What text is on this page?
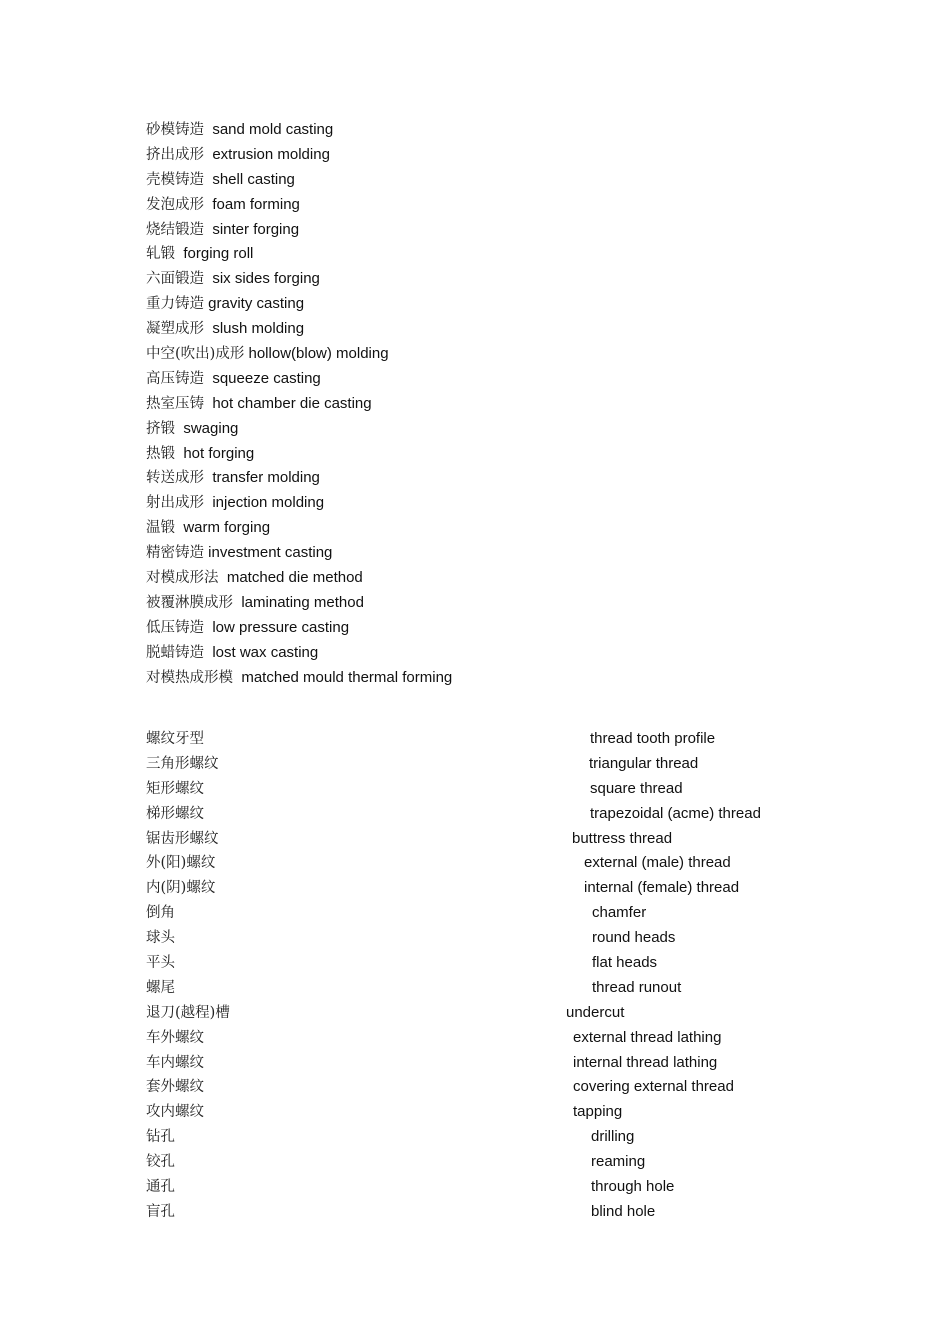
砂模铸造 sand mold casting
挤出成形 extrusion molding
壳模铸造 shell casting
发泡成形 foam forming
烧结锻造 sinter forging
轧锻 forging roll
六面锻造 six sides forging
重力铸造 gravity casting
凝塑成形 slush molding
中空(吹出)成形 hollow(blow) molding
高压铸造 squeeze casting
热室压铸 hot chamber die casting
挤锻 swaging
热锻 hot forging
转送成形 transfer molding
射出成形 injection molding
温锻 warm forging
精密铸造 investment casting
对模成形法 matched die method
被覆淋膜成形 laminating method
低压铸造 low pressure casting
脱蜡铸造 lost wax casting
对模热成形模 matched mould thermal forming
螺纹牙型	thread tooth profile
三角形螺纹	triangular thread
矩形螺纹	square thread
梯形螺纹	trapezoidal (acme) thread
锯齿形螺纹	buttress thread
外(阳)螺纹	external (male) thread
内(阴)螺纹	internal (female) thread
倒角	chamfer
球头	round heads
平头	flat heads
螺尾	thread runout
退刀(越程)槽	undercut
车外螺纹	external thread lathing
车内螺纹	internal thread lathing
套外螺纹	covering external thread
攻内螺纹	tapping
钻孔	drilling
铰孔	reaming
通孔	through hole
盲孔	blind hole
